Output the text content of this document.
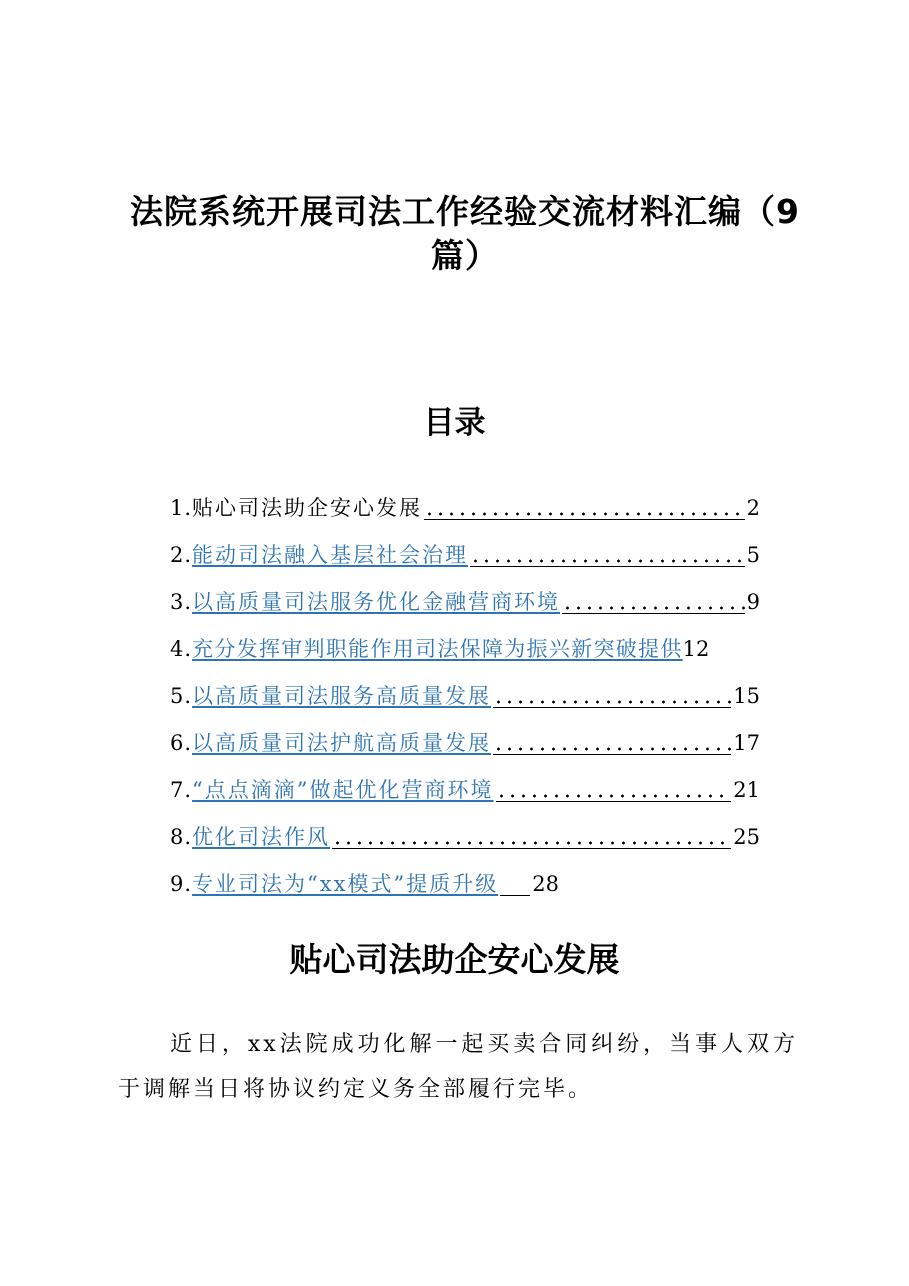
法院系统开展司法工作经验交流材料汇编（9篇）
目录
1. 贴心司法助企安心发展	2
2. 能动司法融入基层社会治理	5
3. 以高质量司法服务优化金融营商环境	9
4. 充分发挥审判职能作用司法保障为振兴新突破提供 12
5. 以高质量司法服务高质量发展	15
6. 以高质量司法护航高质量发展	17
7. “点点滴滴”做起优化营商环境	21
8. 优化司法作风	25
9. 专业司法为“xx模式”提质升级 28
贴心司法助企安心发展
近日，xx法院成功化解一起买卖合同纠纷，当事人双方于调解当日将协议约定义务全部履行完毕。
